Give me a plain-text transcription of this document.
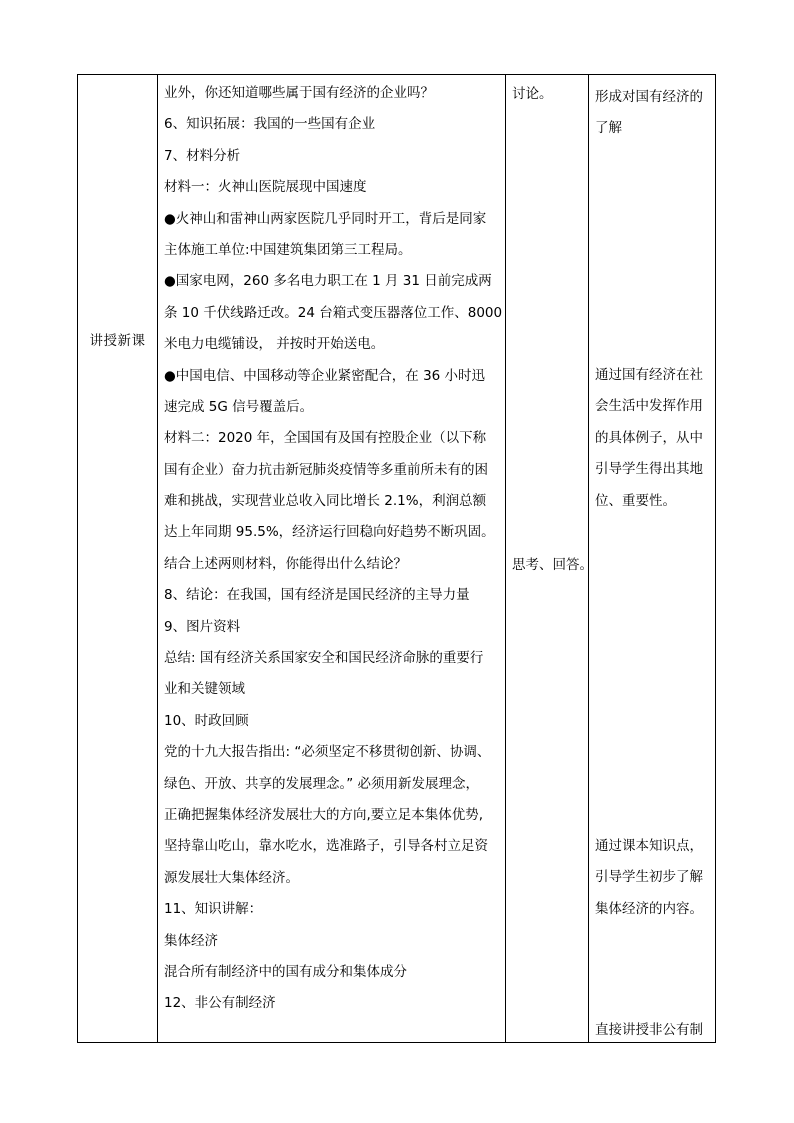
讲授新课
业外，你还知道哪些属于国有经济的企业吗？
6、知识拓展：我国的一些国有企业
7、材料分析
材料一：火神山医院展现中国速度
●火神山和雷神山两家医院几乎同时开工，背后是同家
主体施工单位:中国建筑集团第三工程局。
●国家电网，260 多名电力职工在 1 月 31 日前完成两
条 10 千伏线路迁改。24 台箱式变压器落位工作、8000
米电力电缆铺设， 并按时开始送电。
●中国电信、中国移动等企业紧密配合，在 36 小时迅
速完成 5G 信号覆盖后。
材料二：2020 年，全国国有及国有控股企业（以下称
国有企业）奋力抗击新冠肺炎疫情等多重前所未有的困
难和挑战，实现营业总收入同比增长 2.1%，利润总额
达上年同期 95.5%，经济运行回稳向好趋势不断巩固。
结合上述两则材料，你能得出什么结论？
8、结论：在我国，国有经济是国民经济的主导力量
9、图片资料
总结: 国有经济关系国家安全和国民经济命脉的重要行
业和关键领域
10、时政回顾
党的十九大报告指出: “必须坚定不移贯彻创新、协调、
绿色、开放、共享的发展理念。” 必须用新发展理念，
正确把握集体经济发展壮大的方向,要立足本集体优势,
坚持靠山吃山，靠水吃水，选准路子，引导各村立足资
源发展壮大集体经济。
11、知识讲解：
集体经济
混合所有制经济中的国有成分和集体成分
12、非公有制经济
讨论。
思考、回答。
形成对国有经济的
了解
通过国有经济在社
会生活中发挥作用
的具体例子，从中
引导学生得出其地
位、重要性。
通过课本知识点，
引导学生初步了解
集体经济的内容。
直接讲授非公有制
